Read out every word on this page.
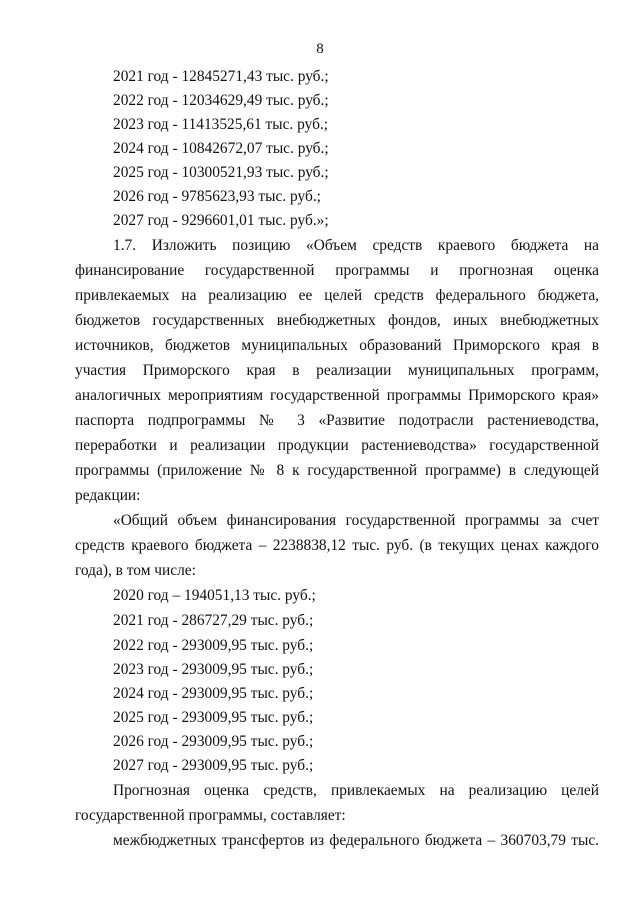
8
2021 год - 12845271,43 тыс. руб.;
2022 год - 12034629,49 тыс. руб.;
2023 год - 11413525,61 тыс. руб.;
2024 год - 10842672,07 тыс. руб.;
2025 год - 10300521,93 тыс. руб.;
2026 год - 9785623,93 тыс. руб.;
2027 год - 9296601,01 тыс. руб.»;
1.7. Изложить позицию «Объем средств краевого бюджета на
финансирование государственной программы и прогнозная оценка
привлекаемых на реализацию ее целей средств федерального бюджета,
бюджетов государственных внебюджетных фондов, иных внебюджетных
источников, бюджетов муниципальных образований Приморского края в
участия Приморского края в реализации муниципальных программ,
аналогичных мероприятиям государственной программы Приморского края»
паспорта подпрограммы № 3 «Развитие подотрасли растениеводства,
переработки и реализации продукции растениеводства» государственной
программы (приложение № 8 к государственной программе) в следующей
редакции:
«Общий объем финансирования государственной программы за счет
средств краевого бюджета – 2238838,12 тыс. руб. (в текущих ценах каждого
года), в том числе:
2020 год – 194051,13 тыс. руб.;
2021 год - 286727,29 тыс. руб.;
2022 год - 293009,95 тыс. руб.;
2023 год - 293009,95 тыс. руб.;
2024 год - 293009,95 тыс. руб.;
2025 год - 293009,95 тыс. руб.;
2026 год - 293009,95 тыс. руб.;
2027 год - 293009,95 тыс. руб.;
Прогнозная оценка средств, привлекаемых на реализацию целей
государственной программы, составляет:
межбюджетных трансфертов из федерального бюджета – 360703,79 тыс.
